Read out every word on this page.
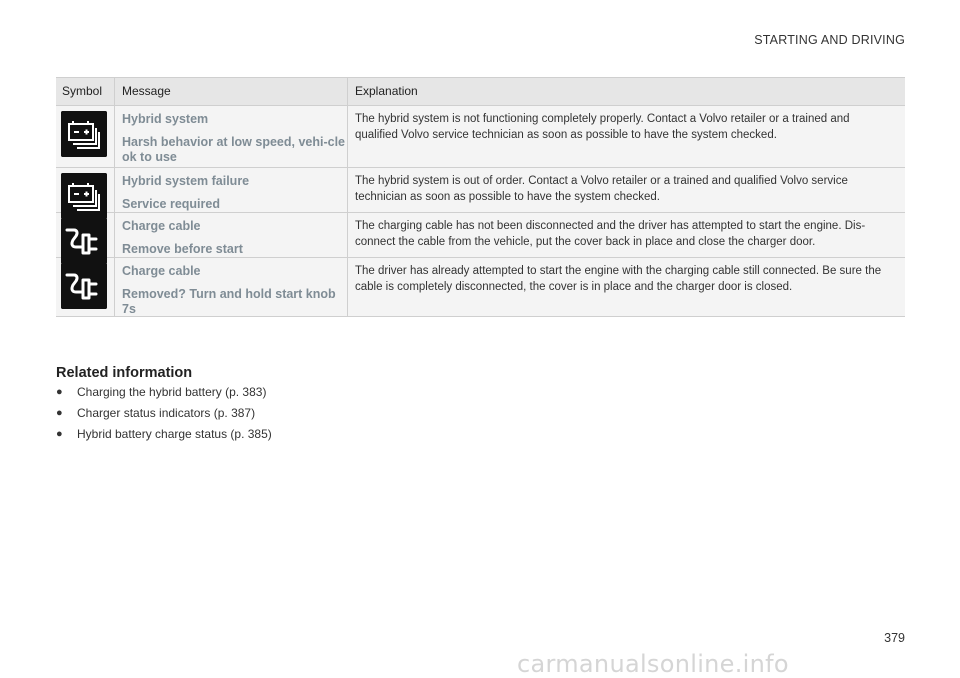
STARTING AND DRIVING
Symbol	Message	Explanation
Hybrid system
Harsh behavior at low speed, vehi-cle ok to use
The hybrid system is not functioning completely properly. Contact a Volvo retailer or a trained and qualified Volvo service technician as soon as possible to have the system checked.
Hybrid system failure
Service required
The hybrid system is out of order. Contact a Volvo retailer or a trained and qualified Volvo service technician as soon as possible to have the system checked.
Charge cable
Remove before start
The charging cable has not been disconnected and the driver has attempted to start the engine. Dis-connect the cable from the vehicle, put the cover back in place and close the charger door.
Charge cable
Removed? Turn and hold start knob 7s
The driver has already attempted to start the engine with the charging cable still connected. Be sure the cable is completely disconnected, the cover is in place and the charger door is closed.
Related information
● Charging the hybrid battery (p. 383)
● Charger status indicators (p. 387)
● Hybrid battery charge status (p. 385)
379
carmanualsonline.info
